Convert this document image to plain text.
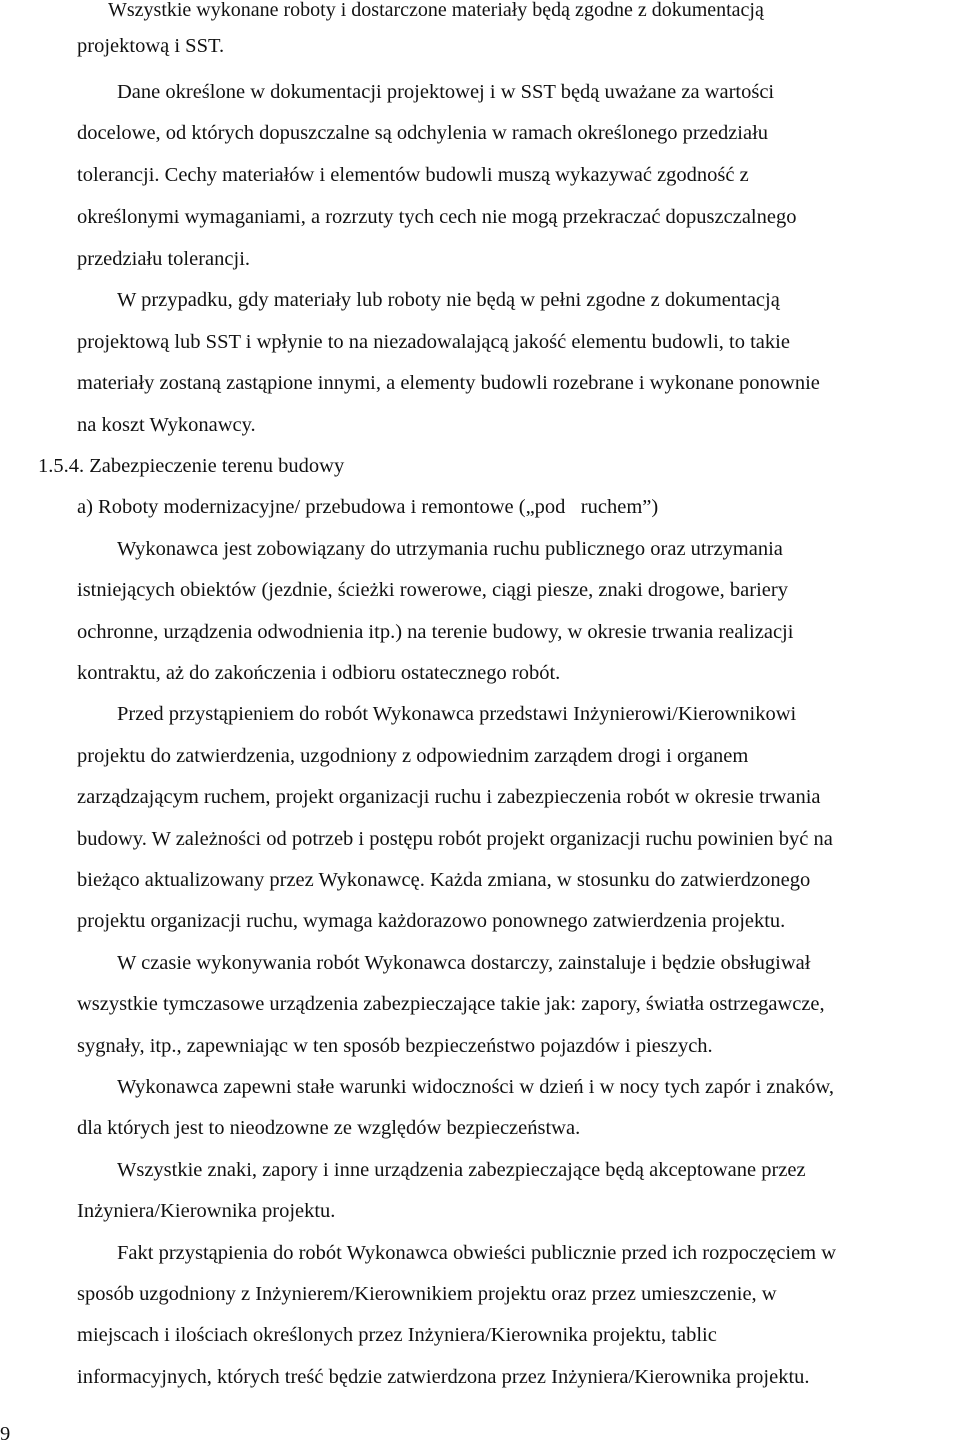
Wszystkie wykonane roboty i dostarczone materiały będą zgodne z dokumentacją
projektową i SST.
Dane określone w dokumentacji projektowej i w SST będą uważane za wartości
docelowe, od których dopuszczalne są odchylenia w ramach określonego przedziału
tolerancji. Cechy materiałów i elementów budowli muszą wykazywać zgodność z
określonymi wymaganiami, a rozrzuty tych cech nie mogą przekraczać dopuszczalnego
przedziału tolerancji.
W przypadku, gdy materiały lub roboty nie będą w pełni zgodne z dokumentacją
projektową lub SST i wpłynie to na niezadowalającą jakość elementu budowli, to takie
materiały zostaną zastąpione innymi, a elementy budowli rozebrane i wykonane ponownie
na koszt Wykonawcy.
1.5.4. Zabezpieczenie terenu budowy
a) Roboty modernizacyjne/ przebudowa i remontowe („pod   ruchem”)
Wykonawca jest zobowiązany do utrzymania ruchu publicznego oraz utrzymania
istniejących obiektów (jezdnie, ścieżki rowerowe, ciągi piesze, znaki drogowe, bariery
ochronne, urządzenia odwodnienia itp.) na terenie budowy, w okresie trwania realizacji
kontraktu, aż do zakończenia i odbioru ostatecznego robót.
Przed przystąpieniem do robót Wykonawca przedstawi Inżynierowi/Kierownikowi
projektu do zatwierdzenia, uzgodniony z odpowiednim zarządem drogi i organem
zarządzającym ruchem, projekt organizacji ruchu i zabezpieczenia robót w okresie trwania
budowy. W zależności od potrzeb i postępu robót projekt organizacji ruchu powinien być na
bieżąco aktualizowany przez Wykonawcę. Każda zmiana, w stosunku do zatwierdzonego
projektu organizacji ruchu, wymaga każdorazowo ponownego zatwierdzenia projektu.
W czasie wykonywania robót Wykonawca dostarczy, zainstaluje i będzie obsługiwał
wszystkie tymczasowe urządzenia zabezpieczające takie jak: zapory, światła ostrzegawcze,
sygnały, itp., zapewniając w ten sposób bezpieczeństwo pojazdów i pieszych.
Wykonawca zapewni stałe warunki widoczności w dzień i w nocy tych zapór i znaków,
dla których jest to nieodzowne ze względów bezpieczeństwa.
Wszystkie znaki, zapory i inne urządzenia zabezpieczające będą akceptowane przez
Inżyniera/Kierownika projektu.
Fakt przystąpienia do robót Wykonawca obwieści publicznie przed ich rozpoczęciem w
sposób uzgodniony z Inżynierem/Kierownikiem projektu oraz przez umieszczenie, w
miejscach i ilościach określonych przez Inżyniera/Kierownika projektu, tablic
informacyjnych, których treść będzie zatwierdzona przez Inżyniera/Kierownika projektu.
9
